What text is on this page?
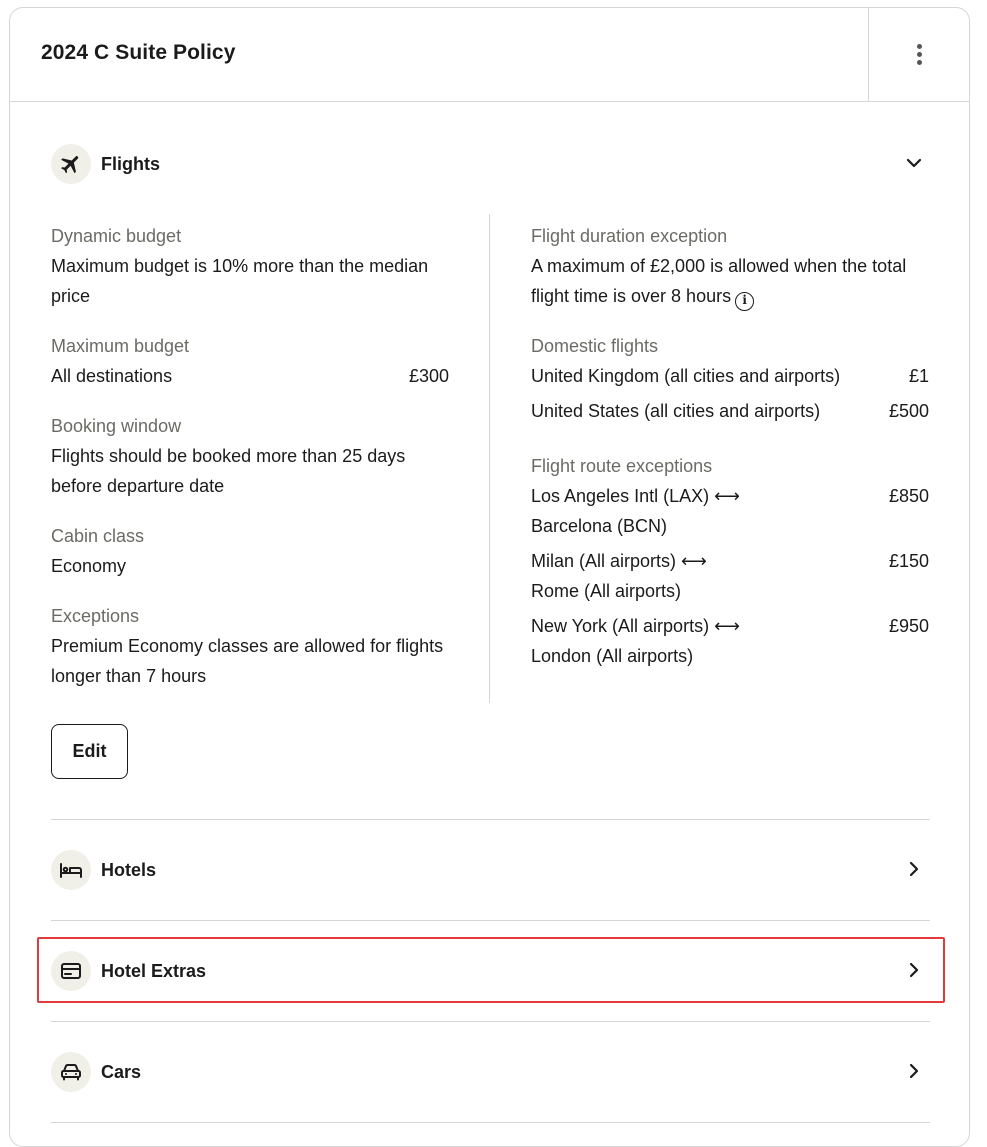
2024 C Suite Policy
Flights
Dynamic budget
Maximum budget is 10% more than the median price
Maximum budget
All destinations	£300
Booking window
Flights should be booked more than 25 days before departure date
Cabin class
Economy
Exceptions
Premium Economy classes are allowed for flights longer than 7 hours
Flight duration exception
A maximum of £2,000 is allowed when the total flight time is over 8 hours i
Domestic flights
United Kingdom (all cities and airports)	£1
United States (all cities and airports)	£500
Flight route exceptions
Los Angeles Intl (LAX) ⟷
Barcelona (BCN)
£850
Milan (All airports) ⟷
Rome (All airports)
£150
New York (All airports) ⟷
London (All airports)
£950
Edit
Hotels
Hotel Extras
Cars
